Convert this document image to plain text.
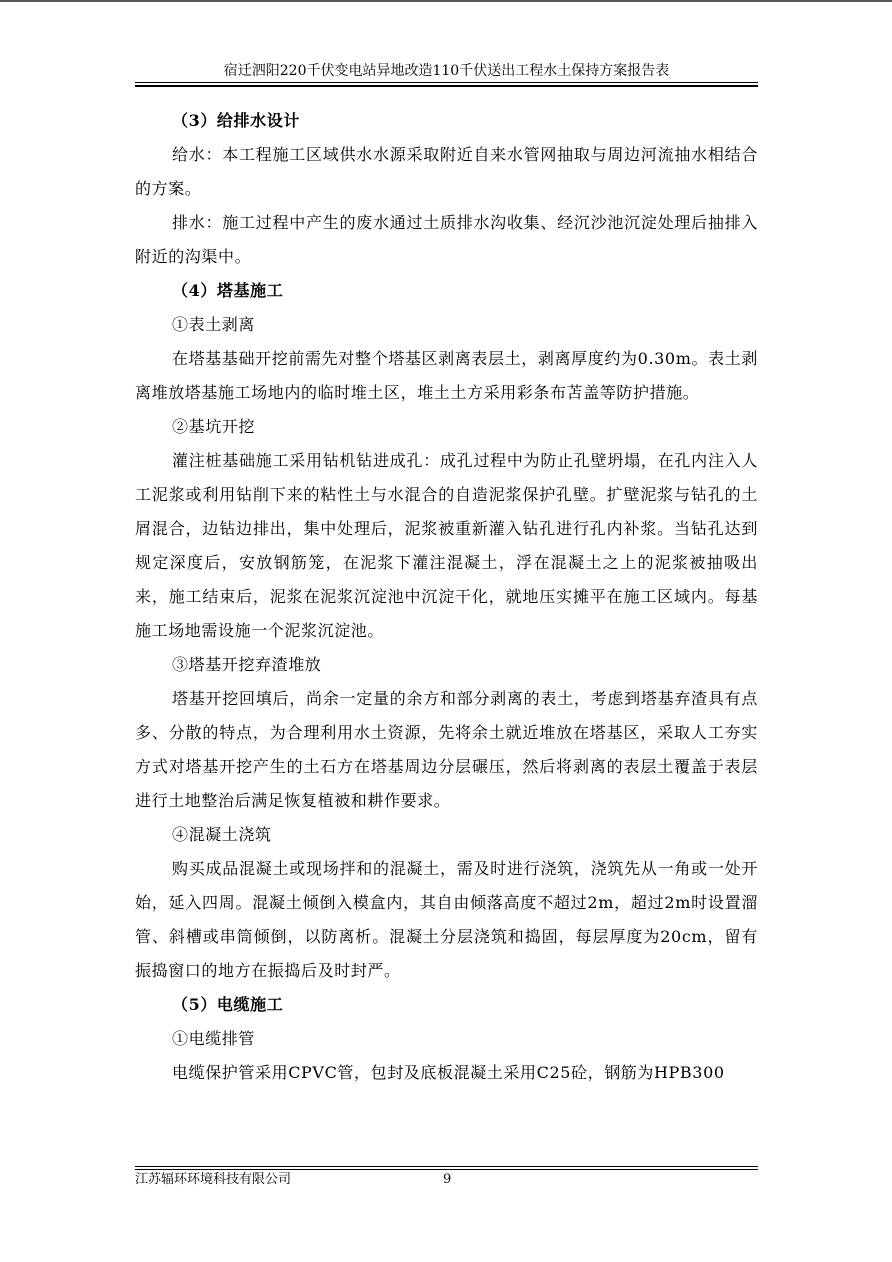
宿迁泗阳220千伏变电站异地改造110千伏送出工程水土保持方案报告表

（3）给排水设计

给水：本工程施工区域供水水源采取附近自来水管网抽取与周边河流抽水相结合的方案。

排水：施工过程中产生的废水通过土质排水沟收集、经沉沙池沉淀处理后抽排入附近的沟渠中。

（4）塔基施工

①表土剥离

在塔基基础开挖前需先对整个塔基区剥离表层土，剥离厚度约为0.30m。表土剥离堆放塔基施工场地内的临时堆土区，堆土土方采用彩条布苫盖等防护措施。

②基坑开挖

灌注桩基础施工采用钻机钻进成孔：成孔过程中为防止孔壁坍塌，在孔内注入人工泥浆或利用钻削下来的粘性土与水混合的自造泥浆保护孔壁。扩壁泥浆与钻孔的土屑混合，边钻边排出，集中处理后，泥浆被重新灌入钻孔进行孔内补浆。当钻孔达到规定深度后，安放钢筋笼，在泥浆下灌注混凝土，浮在混凝土之上的泥浆被抽吸出来，施工结束后，泥浆在泥浆沉淀池中沉淀干化，就地压实摊平在施工区域内。每基施工场地需设施一个泥浆沉淀池。

③塔基开挖弃渣堆放

塔基开挖回填后，尚余一定量的余方和部分剥离的表土，考虑到塔基弃渣具有点多、分散的特点，为合理利用水土资源，先将余土就近堆放在塔基区，采取人工夯实方式对塔基开挖产生的土石方在塔基周边分层碾压，然后将剥离的表层土覆盖于表层进行土地整治后满足恢复植被和耕作要求。

④混凝土浇筑

购买成品混凝土或现场拌和的混凝土，需及时进行浇筑，浇筑先从一角或一处开始，延入四周。混凝土倾倒入模盒内，其自由倾落高度不超过2m，超过2m时设置溜管、斜槽或串筒倾倒，以防离析。混凝土分层浇筑和捣固，每层厚度为20cm，留有振捣窗口的地方在振捣后及时封严。

（5）电缆施工

①电缆排管

电缆保护管采用CPVC管，包封及底板混凝土采用C25砼，钢筋为HPB300

江苏辐环环境科技有限公司	9
